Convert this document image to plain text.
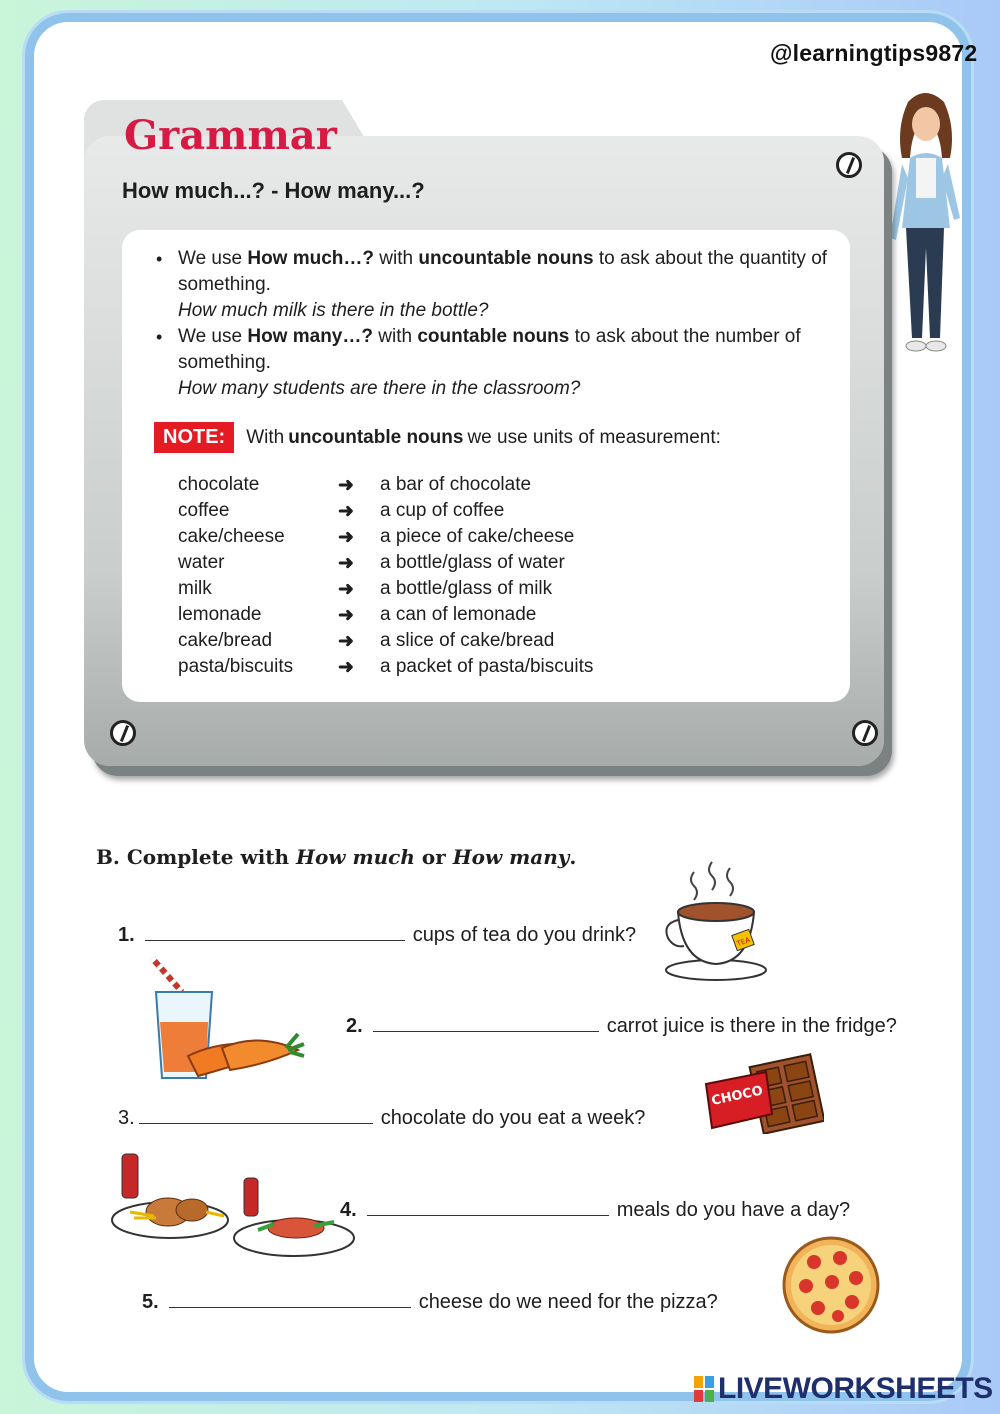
@learningtips9872
Grammar
How much...? - How many...?
• We use How much…? with uncountable nouns to ask about the quantity of something.
How much milk is there in the bottle?
• We use How many…? with countable nouns to ask about the number of something.
How many students are there in the classroom?
NOTE:	With uncountable nouns we use units of measurement:
chocolate	➜ a bar of chocolate
coffee	➜ a cup of coffee
cake/cheese	➜ a piece of cake/cheese
water	➜ a bottle/glass of water
milk	➜ a bottle/glass of milk
lemonade	➜ a can of lemonade
cake/bread	➜ a slice of cake/bread
pasta/biscuits ➜ a packet of pasta/biscuits
B. Complete with How much or How many.
1.	cups of tea do you drink?
2.	carrot juice is there in the fridge?
3.	chocolate do you eat a week?
4.	meals do you have a day?
5.	cheese do we need for the pizza?
TEA
CHOCO
LIVEWORKSHEETS
